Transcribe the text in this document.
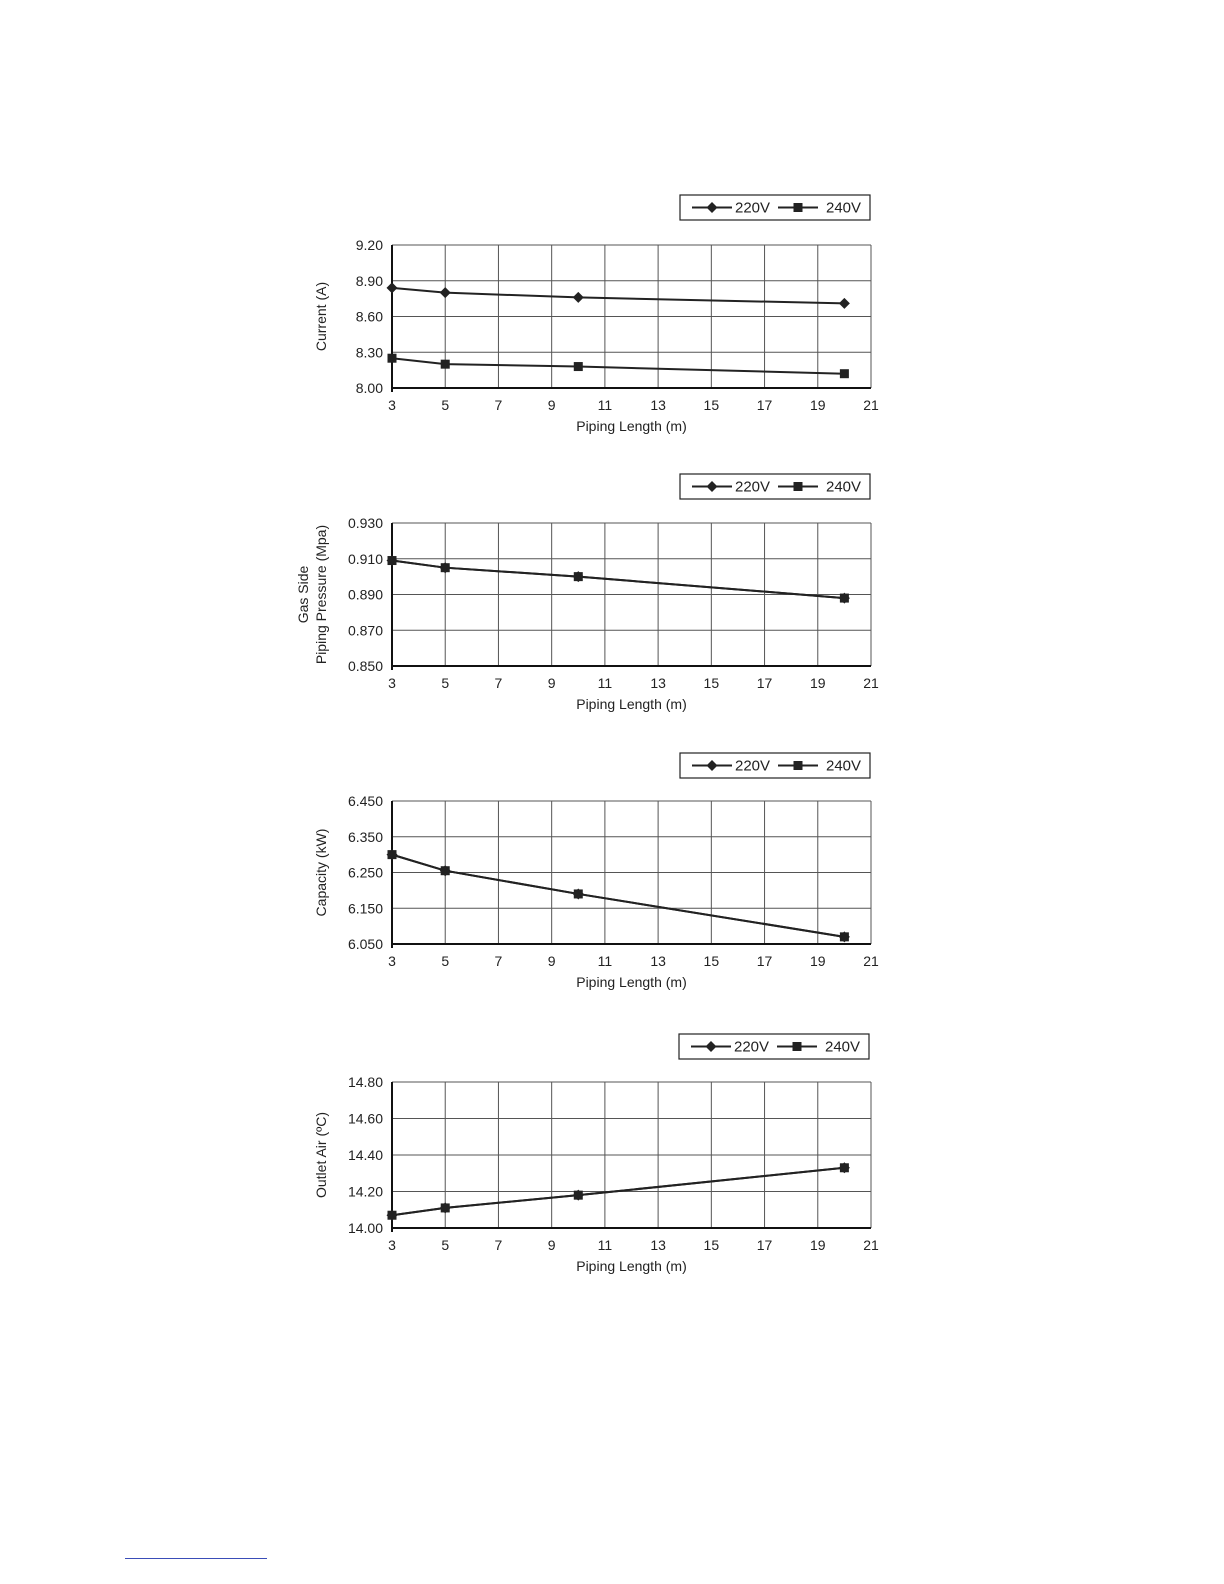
3	5	7	9	11	13	15	17	19	21
8.00
8.30
8.60
8.90
9.20
Piping Length (m)
Current (A)
220V	240V
3	5	7	9	11	13	15	17	19	21
0.850
0.870
0.890
0.910
0.930
Piping Length (m)
Gas Side Piping Pressure (Mpa)
220V	240V
3	5	7	9	11	13	15	17	19	21
6.050
6.150
6.250
6.350
6.450
Piping Length (m)
Capacity (kW)
220V	240V
3	5	7	9	11	13	15	17	19	21
14.00
14.20
14.40
14.60
14.80
Piping Length (m)
Outlet Air (ºC)
220V	240V
